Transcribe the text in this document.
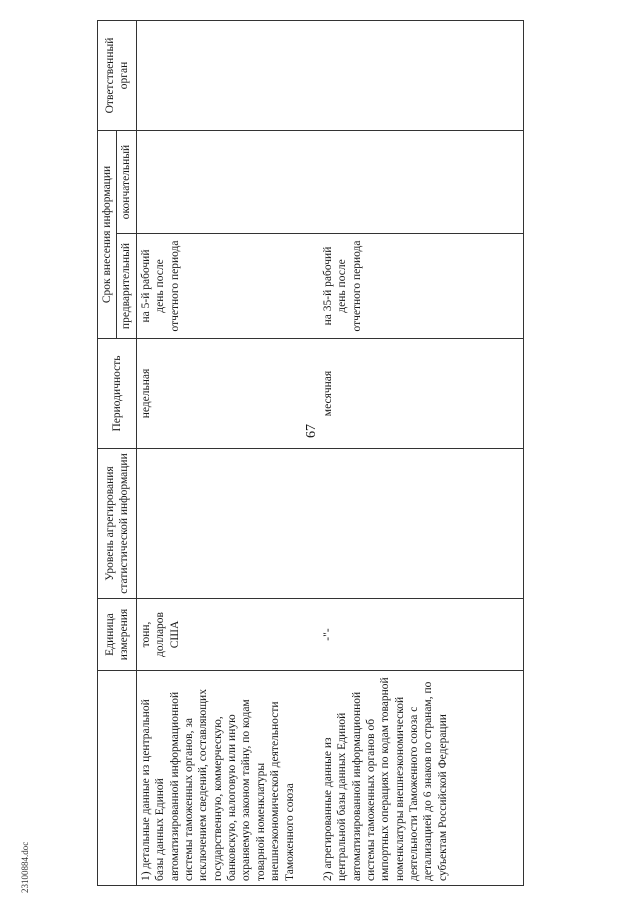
67
	Единица измерения	Уровень агрегирования статистической информации	Периодичность	Срок внесения информации		Ответственный орган
				предварительный	окончательный	
1) детальные данные из центральной базы данных Единой автоматизированной информационной системы таможенных органов, за исключением сведений, составляющих государственную, коммерческую, банковскую, налоговую или иную охраняемую законом тайну, по кодам товарной номенклатуры внешнеэкономической деятельности Таможенного союза	тонн, долларов США		недельная	на 5-й рабочий день после отчетного периода		
2) агрегированные данные из центральной базы данных Единой автоматизированной информационной системы таможенных органов об импортных операциях по кодам товарной номенклатуры внешнеэкономической деятельности Таможенного союза с детализацией до 6 знаков по странам, по субъектам Российской Федерации	-"-		месячная	на 35-й рабочий день после отчетного периода		
23100884.doc
